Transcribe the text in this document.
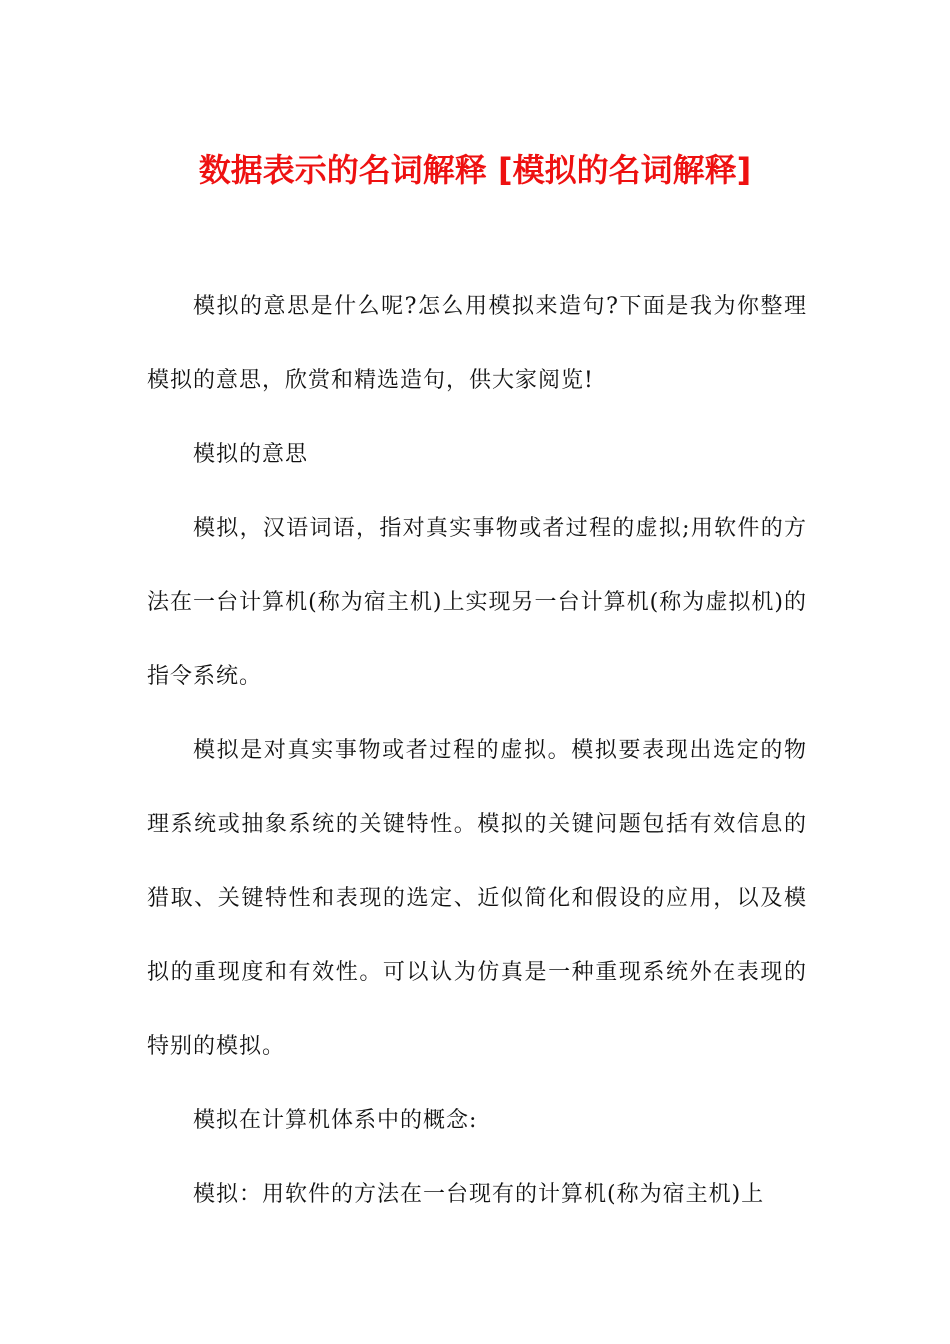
数据表示的名词解释 [模拟的名词解释]

模拟的意思是什么呢?怎么用模拟来造句?下面是我为你整理模拟的意思，欣赏和精选造句，供大家阅览!

模拟的意思

模拟，汉语词语，指对真实事物或者过程的虚拟;用软件的方法在一台计算机(称为宿主机)上实现另一台计算机(称为虚拟机)的指令系统。

模拟是对真实事物或者过程的虚拟。模拟要表现出选定的物理系统或抽象系统的关键特性。模拟的关键问题包括有效信息的猎取、关键特性和表现的选定、近似简化和假设的应用，以及模拟的重现度和有效性。可以认为仿真是一种重现系统外在表现的特别的模拟。

模拟在计算机体系中的概念:

模拟：用软件的方法在一台现有的计算机(称为宿主机)上
